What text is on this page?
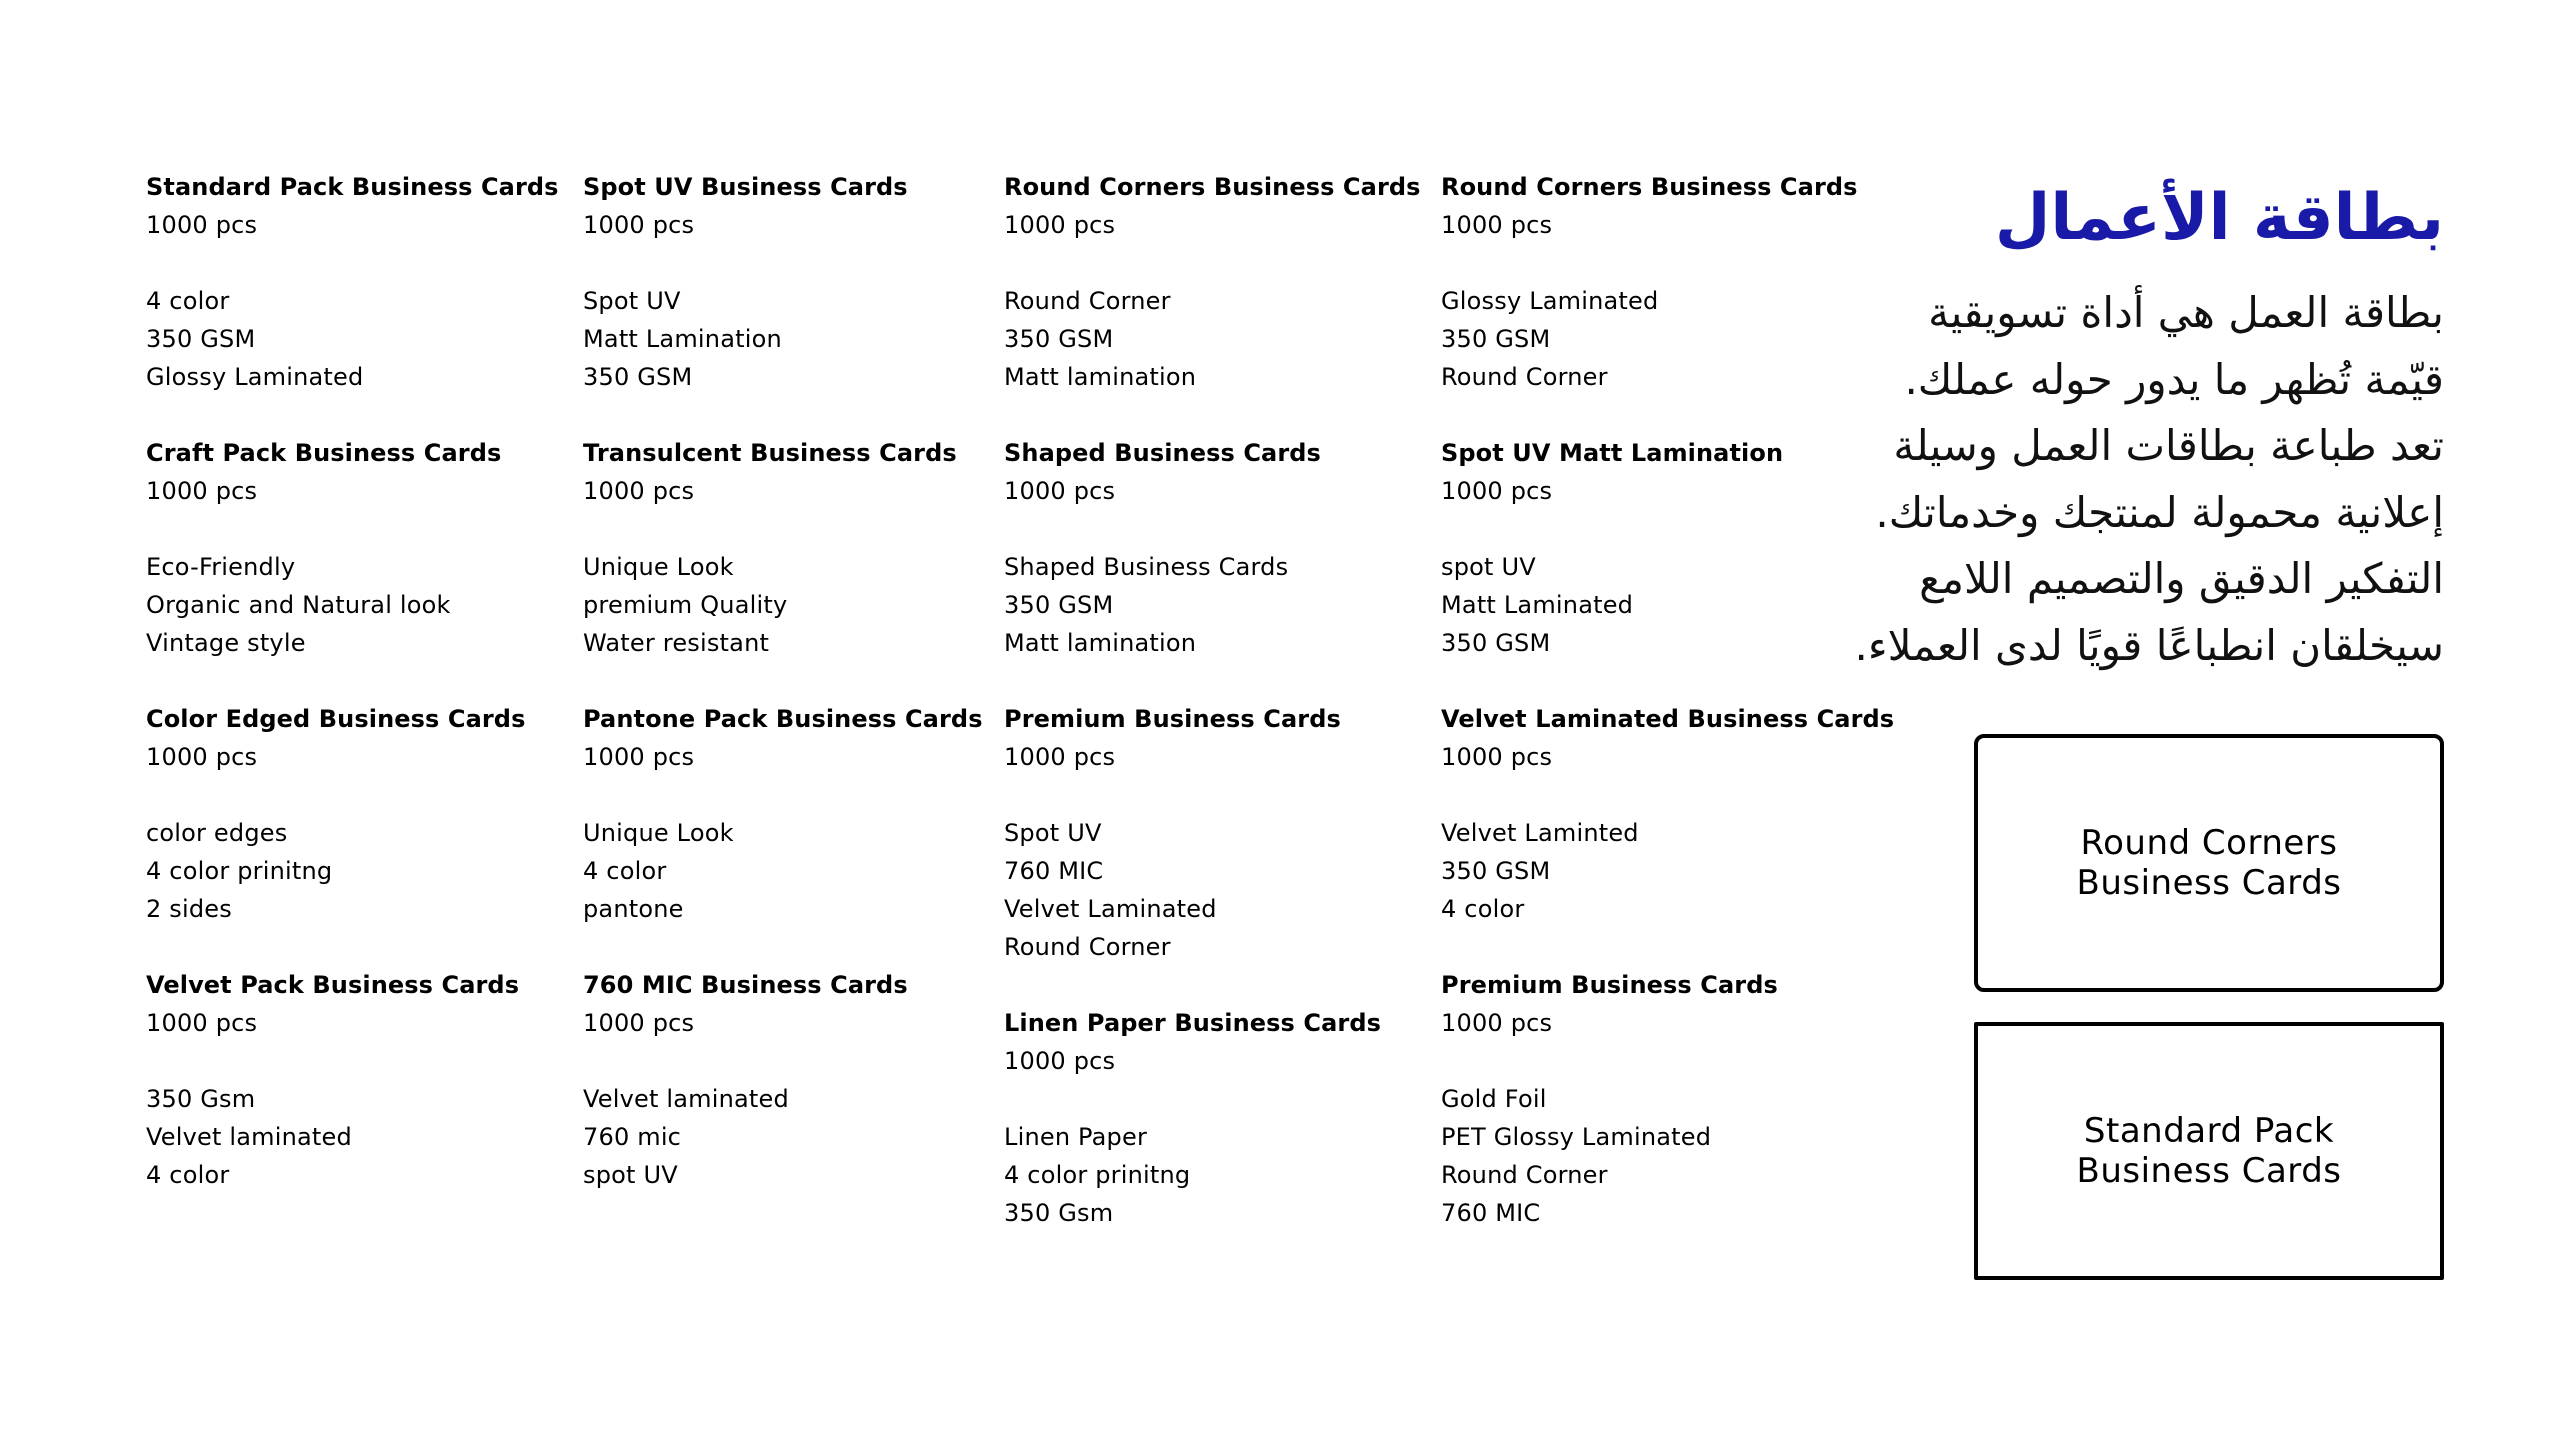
Standard Pack Business Cards
1000 pcs
4 color
350 GSM
Glossy Laminated
Craft Pack Business Cards
1000 pcs
Eco-Friendly
Organic and Natural look
Vintage style
Color Edged Business Cards
1000 pcs
color edges
4 color prinitng
2 sides
Velvet Pack Business Cards
1000 pcs
350 Gsm
Velvet laminated
4 color
Spot UV Business Cards
1000 pcs
Spot UV
Matt Lamination
350 GSM
Transulcent Business Cards
1000 pcs
Unique Look
premium Quality
Water resistant
Pantone Pack Business Cards
1000 pcs
Unique Look
4 color
pantone
760 MIC Business Cards
1000 pcs
Velvet laminated
760 mic
spot UV
Round Corners Business Cards
1000 pcs
Round Corner
350 GSM
Matt lamination
Shaped Business Cards
1000 pcs
Shaped Business Cards
350 GSM
Matt lamination
Premium Business Cards
1000 pcs
Spot UV
760 MIC
Velvet Laminated
Round Corner
Linen Paper Business Cards
1000 pcs
Linen Paper
4 color prinitng
350 Gsm
Round Corners Business Cards
1000 pcs
Glossy Laminated
350 GSM
Round Corner
Spot UV Matt Lamination
1000 pcs
spot UV
Matt Laminated
350 GSM
Velvet Laminated Business Cards
1000 pcs
Velvet Laminted
350 GSM
4 color
Premium Business Cards
1000 pcs
Gold Foil
PET Glossy Laminated
Round Corner
760 MIC
بطاقة الأعمال
بطاقة العمل هي أداة تسويقية
قيّمة تُظهر ما يدور حوله عملك.
تعد طباعة بطاقات العمل وسيلة
إعلانية محمولة لمنتجك وخدماتك.
التفكير الدقيق والتصميم اللامع
سيخلقان انطباعًا قويًا لدى العملاء.
Round Corners
Business Cards
Standard Pack
Business Cards
